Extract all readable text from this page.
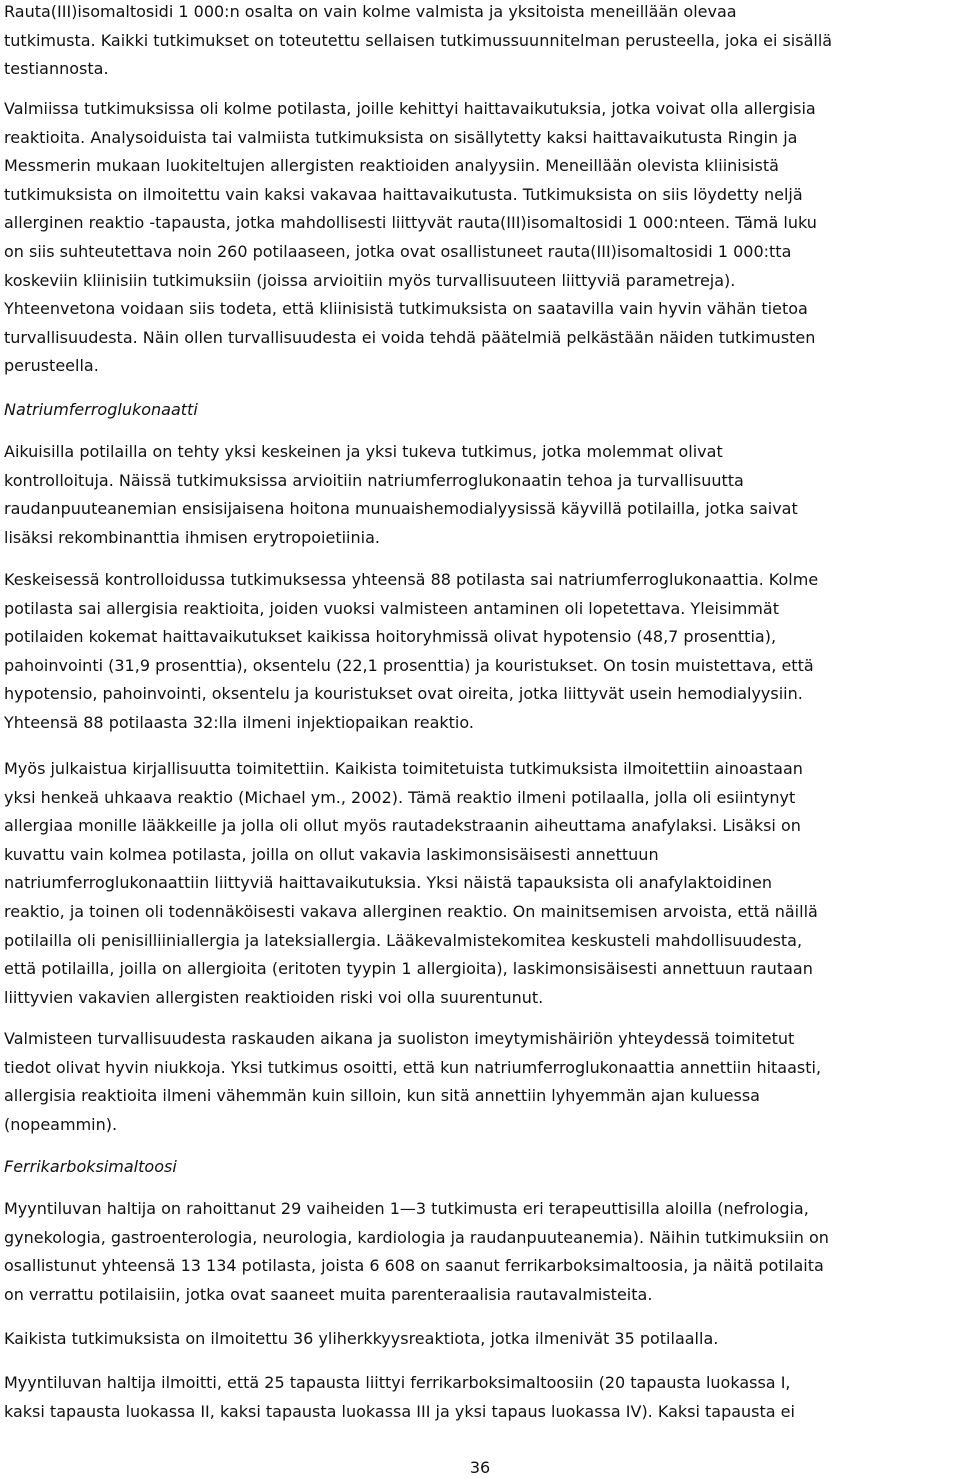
Rauta(III)isomaltosidi 1 000:n osalta on vain kolme valmista ja yksitoista meneillään olevaa
tutkimusta. Kaikki tutkimukset on toteutettu sellaisen tutkimussuunnitelman perusteella, joka ei sisällä
testiannosta.
Valmiissa tutkimuksissa oli kolme potilasta, joille kehittyi haittavaikutuksia, jotka voivat olla allergisia
reaktioita. Analysoiduista tai valmiista tutkimuksista on sisällytetty kaksi haittavaikutusta Ringin ja
Messmerin mukaan luokiteltujen allergisten reaktioiden analyysiin. Meneillään olevista kliinisistä
tutkimuksista on ilmoitettu vain kaksi vakavaa haittavaikutusta. Tutkimuksista on siis löydetty neljä
allerginen reaktio -tapausta, jotka mahdollisesti liittyvät rauta(III)isomaltosidi 1 000:nteen. Tämä luku
on siis suhteutettava noin 260 potilaaseen, jotka ovat osallistuneet rauta(III)isomaltosidi 1 000:tta
koskeviin kliinisiin tutkimuksiin (joissa arvioitiin myös turvallisuuteen liittyviä parametreja).
Yhteenvetona voidaan siis todeta, että kliinisistä tutkimuksista on saatavilla vain hyvin vähän tietoa
turvallisuudesta. Näin ollen turvallisuudesta ei voida tehdä päätelmiä pelkästään näiden tutkimusten
perusteella.
Natriumferroglukonaatti
Aikuisilla potilailla on tehty yksi keskeinen ja yksi tukeva tutkimus, jotka molemmat olivat
kontrolloituja. Näissä tutkimuksissa arvioitiin natriumferroglukonaatin tehoa ja turvallisuutta
raudanpuuteanemian ensisijaisena hoitona munuaishemodialyysissä käyvillä potilailla, jotka saivat
lisäksi rekombinanttia ihmisen erytropoietiinia.
Keskeisessä kontrolloidussa tutkimuksessa yhteensä 88 potilasta sai natriumferroglukonaattia. Kolme
potilasta sai allergisia reaktioita, joiden vuoksi valmisteen antaminen oli lopetettava. Yleisimmät
potilaiden kokemat haittavaikutukset kaikissa hoitoryhmissä olivat hypotensio (48,7 prosenttia),
pahoinvointi (31,9 prosenttia), oksentelu (22,1 prosenttia) ja kouristukset. On tosin muistettava, että
hypotensio, pahoinvointi, oksentelu ja kouristukset ovat oireita, jotka liittyvät usein hemodialyysiin.
Yhteensä 88 potilaasta 32:lla ilmeni injektiopaikan reaktio.
Myös julkaistua kirjallisuutta toimitettiin. Kaikista toimitetuista tutkimuksista ilmoitettiin ainoastaan
yksi henkeä uhkaava reaktio (Michael ym., 2002). Tämä reaktio ilmeni potilaalla, jolla oli esiintynyt
allergiaa monille lääkkeille ja jolla oli ollut myös rautadekstraanin aiheuttama anafylaksi. Lisäksi on
kuvattu vain kolmea potilasta, joilla on ollut vakavia laskimonsisäisesti annettuun
natriumferroglukonaattiin liittyviä haittavaikutuksia. Yksi näistä tapauksista oli anafylaktoidinen
reaktio, ja toinen oli todennäköisesti vakava allerginen reaktio. On mainitsemisen arvoista, että näillä
potilailla oli penisilliiniallergia ja lateksiallergia. Lääkevalmistekomitea keskusteli mahdollisuudesta,
että potilailla, joilla on allergioita (eritoten tyypin 1 allergioita), laskimonsisäisesti annettuun rautaan
liittyvien vakavien allergisten reaktioiden riski voi olla suurentunut.
Valmisteen turvallisuudesta raskauden aikana ja suoliston imeytymishäiriön yhteydessä toimitetut
tiedot olivat hyvin niukkoja. Yksi tutkimus osoitti, että kun natriumferroglukonaattia annettiin hitaasti,
allergisia reaktioita ilmeni vähemmän kuin silloin, kun sitä annettiin lyhyemmän ajan kuluessa
(nopeammin).
Ferrikarboksimaltoosi
Myyntiluvan haltija on rahoittanut 29 vaiheiden 1—3 tutkimusta eri terapeuttisilla aloilla (nefrologia,
gynekologia, gastroenterologia, neurologia, kardiologia ja raudanpuuteanemia). Näihin tutkimuksiin on
osallistunut yhteensä 13 134 potilasta, joista 6 608 on saanut ferrikarboksimaltoosia, ja näitä potilaita
on verrattu potilaisiin, jotka ovat saaneet muita parenteraalisia rautavalmisteita.
Kaikista tutkimuksista on ilmoitettu 36 yliherkkyysreaktiota, jotka ilmenivät 35 potilaalla.
Myyntiluvan haltija ilmoitti, että 25 tapausta liittyi ferrikarboksimaltoosiin (20 tapausta luokassa I,
kaksi tapausta luokassa II, kaksi tapausta luokassa III ja yksi tapaus luokassa IV). Kaksi tapausta ei
36
